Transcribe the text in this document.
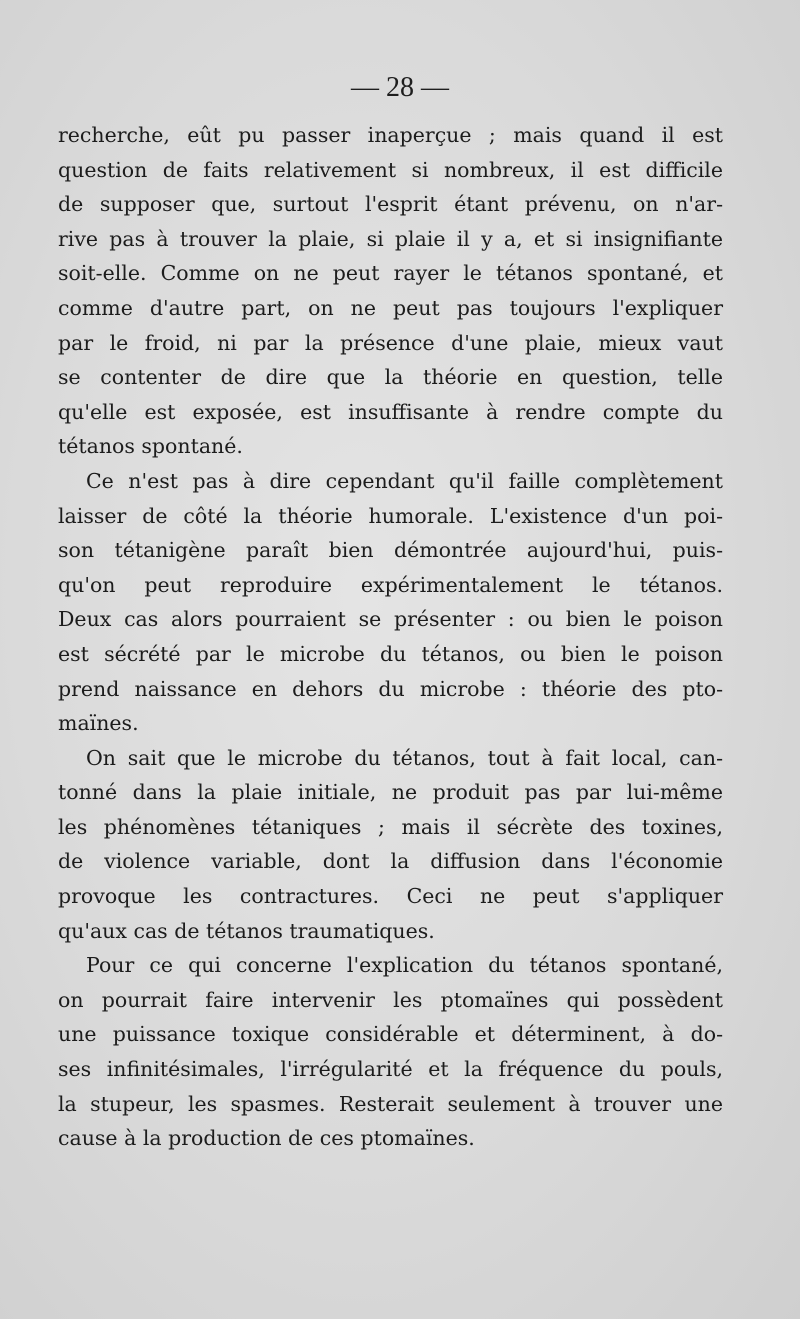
— 28 —
recherche, eût pu passer inaperçue ; mais quand il est
question de faits relativement si nombreux, il est difficile
de supposer que, surtout l'esprit étant prévenu, on n'ar-
rive pas à trouver la plaie, si plaie il y a, et si insignifiante
soit-elle. Comme on ne peut rayer le tétanos spontané, et
comme d'autre part, on ne peut pas toujours l'expliquer
par le froid, ni par la présence d'une plaie, mieux vaut
se contenter de dire que la théorie en question, telle
qu'elle est exposée, est insuffisante à rendre compte du
tétanos spontané.
Ce n'est pas à dire cependant qu'il faille complètement
laisser de côté la théorie humorale. L'existence d'un poi-
son tétanigène paraît bien démontrée aujourd'hui, puis-
qu'on peut reproduire expérimentalement le tétanos.
Deux cas alors pourraient se présenter : ou bien le poison
est sécrété par le microbe du tétanos, ou bien le poison
prend naissance en dehors du microbe : théorie des pto-
maïnes.
On sait que le microbe du tétanos, tout à fait local, can-
tonné dans la plaie initiale, ne produit pas par lui-même
les phénomènes tétaniques ; mais il sécrète des toxines,
de violence variable, dont la diffusion dans l'économie
provoque les contractures. Ceci ne peut s'appliquer
qu'aux cas de tétanos traumatiques.
Pour ce qui concerne l'explication du tétanos spontané,
on pourrait faire intervenir les ptomaïnes qui possèdent
une puissance toxique considérable et déterminent, à do-
ses infinitésimales, l'irrégularité et la fréquence du pouls,
la stupeur, les spasmes. Resterait seulement à trouver une
cause à la production de ces ptomaïnes.
